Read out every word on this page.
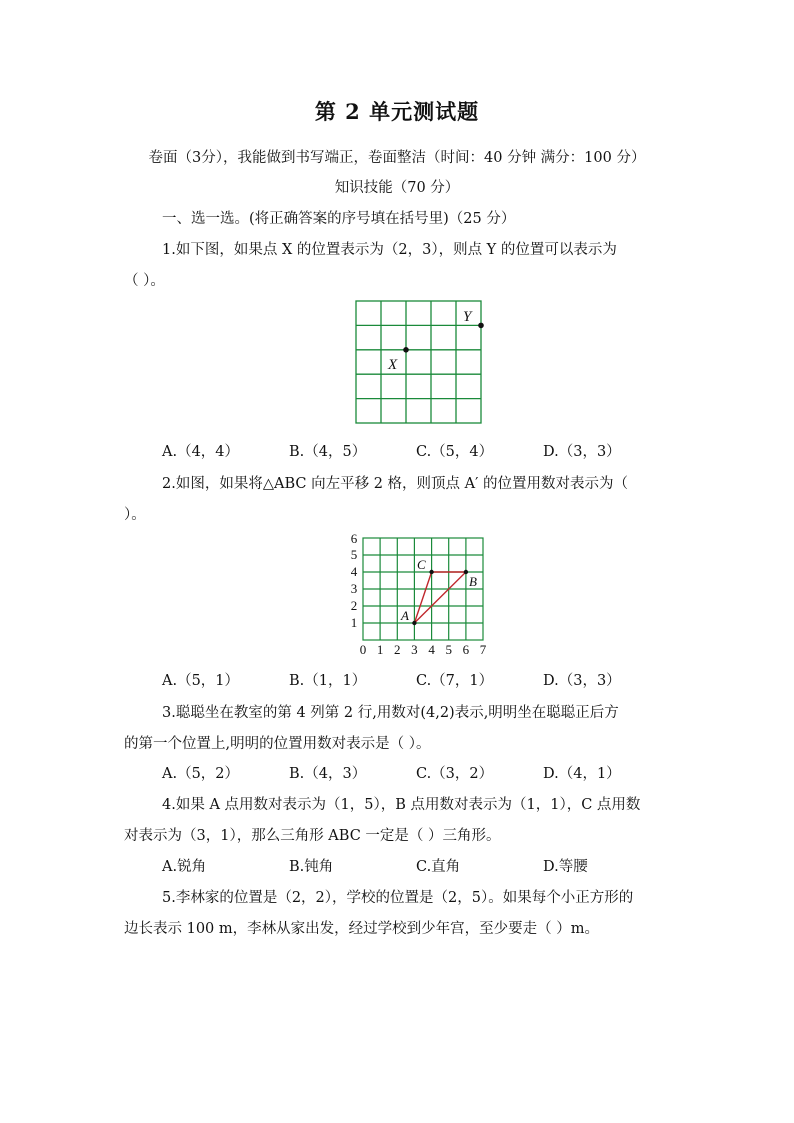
第 2 单元测试题
卷面（3分），我能做到书写端正，卷面整洁（时间：40 分钟 满分：100 分）
知识技能（70 分）
一、选一选。(将正确答案的序号填在括号里)（25 分）
1.如下图，如果点 X 的位置表示为（2，3），则点 Y 的位置可以表示为
（ ）。
X
Y
A.（4，4）	B.（4，5）	C.（5，4）	D.（3，3）
2.如图，如果将△ABC 向左平移 2 格，则顶点 A′ 的位置用数对表示为（
）。
A
B
C
0 1 2 3 4 5 6 7
1
2
3
4
5
6
A.（5，1）	B.（1，1）	C.（7，1）	D.（3，3）
3.聪聪坐在教室的第 4 列第 2 行,用数对(4,2)表示,明明坐在聪聪正后方
的第一个位置上,明明的位置用数对表示是（ ）。
A.（5，2）	B.（4，3）	C.（3，2）	D.（4，1）
4.如果 A 点用数对表示为（1，5），B 点用数对表示为（1，1），C 点用数
对表示为（3，1），那么三角形 ABC 一定是（ ）三角形。
A.锐角	B.钝角	C.直角	D.等腰
5.李林家的位置是（2，2），学校的位置是（2，5）。如果每个小正方形的
边长表示 100 m，李林从家出发，经过学校到少年宫，至少要走（ ）m。
